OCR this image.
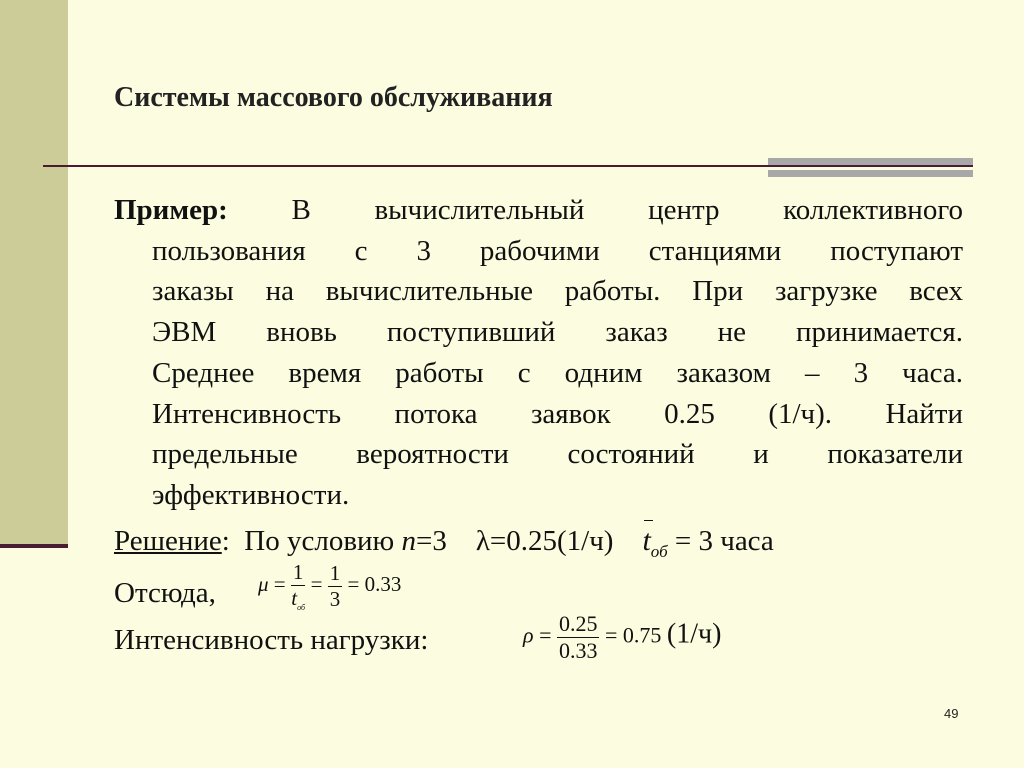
Системы массового обслуживания
Пример: В вычислительный центр коллективного
пользования с 3 рабочими станциями поступают
заказы на вычислительные работы. При загрузке всех
ЭВМ вновь поступивший заказ не принимается.
Среднее время работы с одним заказом – 3 часа.
Интенсивность потока заявок 0.25 (1/ч). Найти
предельные вероятности состояний и показатели
эффективности.
Решение: По условию n=3 λ=0.25(1/ч) $t_{об} = 3$ часа
Отсюда, $\mu = \frac{1}{t_{об}} = \frac{1}{3} = 0.33$
Интенсивность нагрузки:	$\rho = \frac{0.25}{0.33} = 0.75$ (1/ч)
49
